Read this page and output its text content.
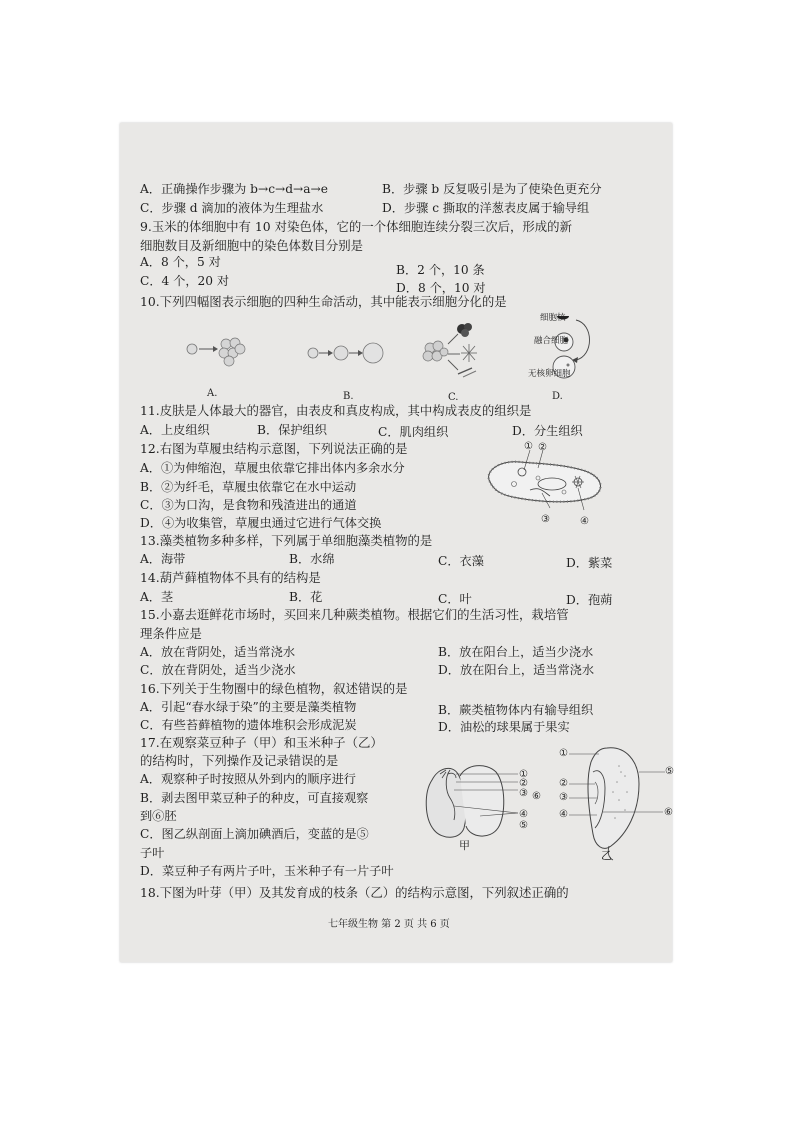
A．正确操作步骤为 b→c→d→a→e	B．步骤 b 反复吸引是为了使染色更充分
C．步骤 d 滴加的液体为生理盐水	D．步骤 c 撕取的洋葱表皮属于输导组
9.玉米的体细胞中有 10 对染色体，它的一个体细胞连续分裂三次后，形成的新
细胞数目及新细胞中的染色体数目分别是
A．8 个，5 对
B．2 个，10 条
C．4 个，20 对	D．8 个，10 对
10.下列四幅图表示细胞的四种生命活动，其中能表示细胞分化的是
细胞核
融合细胞
无核卵细胞
A.	B.	C.	D.
11.皮肤是人体最大的器官，由表皮和真皮构成，其中构成表皮的组织是
A．上皮组织	B．保护组织	C．肌肉组织	D．分生组织
12.右图为草履虫结构示意图，下列说法正确的是
A．①为伸缩泡，草履虫依靠它排出体内多余水分
B．②为纤毛，草履虫依靠它在水中运动
C．③为口沟，是食物和残渣进出的通道
D．④为收集管，草履虫通过它进行气体交换
① ②
③	④
13.藻类植物多种多样，下列属于单细胞藻类植物的是
A．海带	B．水绵	C．衣藻	D．紫菜
14.葫芦藓植物体不具有的结构是
A．茎	B．花	C．叶	D．孢蒴
15.小嘉去逛鲜花市场时，买回来几种蕨类植物。根据它们的生活习性，栽培管
理条件应是
A．放在背阴处，适当常浇水	B．放在阳台上，适当少浇水
C．放在背阴处，适当少浇水	D．放在阳台上，适当常浇水
16.下列关于生物圈中的绿色植物，叙述错误的是
A．引起“春水绿于染”的主要是藻类植物	B．蕨类植物体内有输导组织
C．有些苔藓植物的遗体堆积会形成泥炭	D．油松的球果属于果实
17.在观察菜豆种子（甲）和玉米种子（乙）
的结构时，下列操作及记录错误的是
A．观察种子时按照从外到内的顺序进行
B．剥去图甲菜豆种子的种皮，可直接观察
到⑥胚
C．图乙纵剖面上滴加碘酒后，变蓝的是⑤
子叶
D．菜豆种子有两片子叶，玉米种子有一片子叶
①
②
③ ⑥
④
⑤
甲
①
②
③
④
⑤
⑥
乙
18.下图为叶芽（甲）及其发育成的枝条（乙）的结构示意图，下列叙述正确的
七年级生物 第 2 页 共 6 页
